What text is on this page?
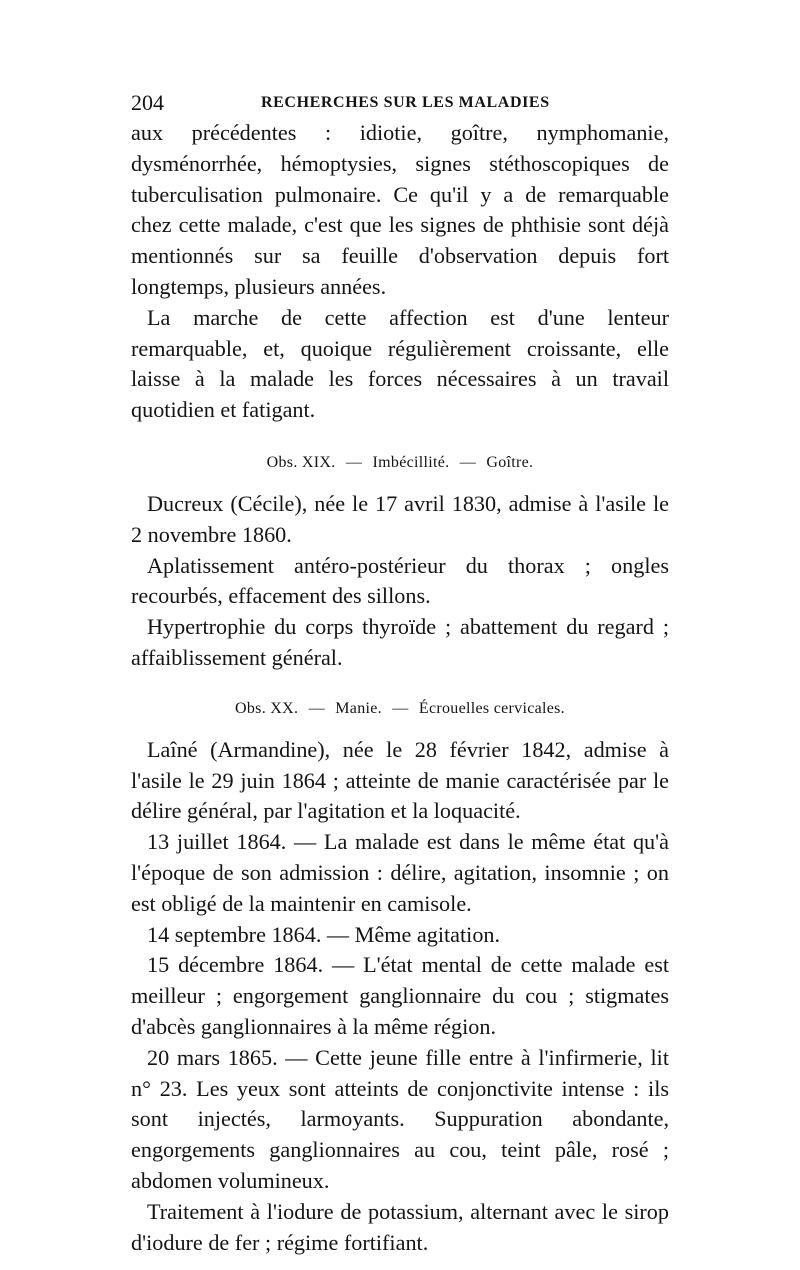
204	RECHERCHES SUR LES MALADIES

aux précédentes : idiotie, goître, nymphomanie, dysménorrhée, hémoptysies, signes stéthoscopiques de tuberculisation pulmonaire. Ce qu'il y a de remarquable chez cette malade, c'est que les signes de phthisie sont déjà mentionnés sur sa feuille d'observation depuis fort longtemps, plusieurs années.

La marche de cette affection est d'une lenteur remarquable, et, quoique régulièrement croissante, elle laisse à la malade les forces nécessaires à un travail quotidien et fatigant.

Obs. XIX. — Imbécillité. — Goître.

Ducreux (Cécile), née le 17 avril 1830, admise à l'asile le 2 novembre 1860.

Aplatissement antéro-postérieur du thorax ; ongles recourbés, effacement des sillons.

Hypertrophie du corps thyroïde ; abattement du regard ; affaiblissement général.

Obs. XX. — Manie. — Écrouelles cervicales.

Laîné (Armandine), née le 28 février 1842, admise à l'asile le 29 juin 1864 ; atteinte de manie caractérisée par le délire général, par l'agitation et la loquacité.

13 juillet 1864. — La malade est dans le même état qu'à l'époque de son admission : délire, agitation, insomnie ; on est obligé de la maintenir en camisole.

14 septembre 1864. — Même agitation.

15 décembre 1864. — L'état mental de cette malade est meilleur ; engorgement ganglionnaire du cou ; stigmates d'abcès ganglionnaires à la même région.

20 mars 1865. — Cette jeune fille entre à l'infirmerie, lit n° 23. Les yeux sont atteints de conjonctivite intense : ils sont injectés, larmoyants. Suppuration abondante, engorgements ganglionnaires au cou, teint pâle, rosé ; abdomen volumineux.

Traitement à l'iodure de potassium, alternant avec le sirop d'iodure de fer ; régime fortifiant.
